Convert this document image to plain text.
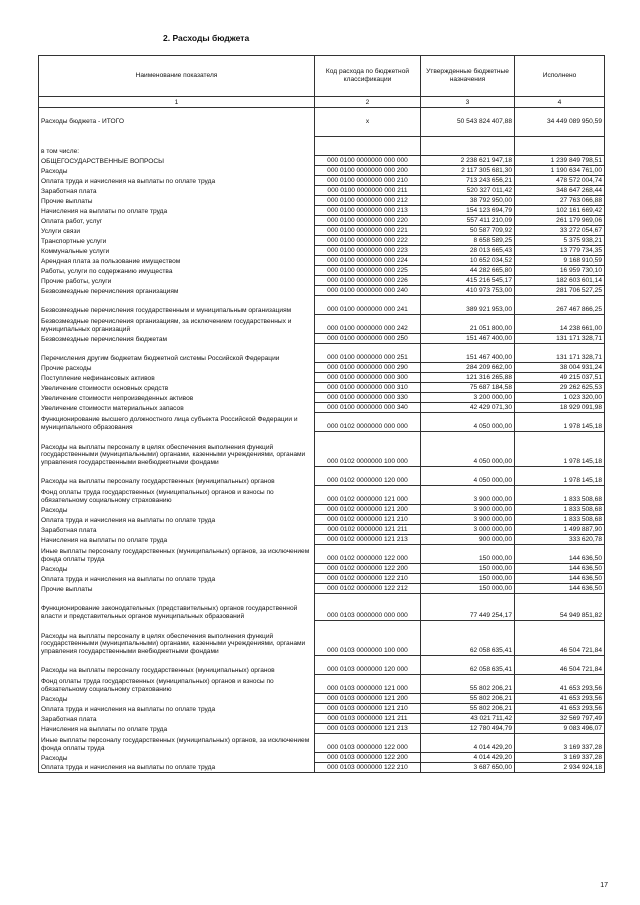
2. Расходы бюджета
Наименование показателя	Код расхода по бюджетной классификации	Утвержденные бюджетные назначения	Исполнено
1	2	3	4
Расходы бюджета - ИТОГО	х	50 543 824 407,88	34 449 089 950,59

в том числе:			
ОБЩЕГОСУДАРСТВЕННЫЕ ВОПРОСЫ	000 0100 0000000 000 000	2 238 621 947,18	1 239 849 798,51
Расходы	000 0100 0000000 000 200	2 117 305 681,30	1 190 634 761,00
Оплата труда и начисления на выплаты по оплате труда	000 0100 0000000 000 210	713 243 656,21	478 572 004,74
Заработная плата	000 0100 0000000 000 211	520 327 011,42	348 647 268,44
Прочие выплаты	000 0100 0000000 000 212	38 792 950,00	27 763 066,88
Начисления на выплаты по оплате труда	000 0100 0000000 000 213	154 123 694,79	102 161 669,42
Оплата работ, услуг	000 0100 0000000 000 220	557 411 210,09	261 179 969,06
Услуги связи	000 0100 0000000 000 221	50 587 709,92	33 272 054,67
Транспортные услуги	000 0100 0000000 000 222	8 658 589,25	5 375 938,21
Коммунальные услуги	000 0100 0000000 000 223	28 013 665,43	13 779 734,35
Арендная плата за пользование имуществом	000 0100 0000000 000 224	10 652 034,52	9 168 910,59
Работы, услуги по содержанию имущества	000 0100 0000000 000 225	44 282 665,80	16 959 730,10
Прочие работы, услуги	000 0100 0000000 000 226	415 216 545,17	182 603 601,14
Безвозмездные перечисления организациям	000 0100 0000000 000 240	410 973 753,00	281 706 527,25
Безвозмездные перечисления государственным и муниципальным организациям	000 0100 0000000 000 241	389 921 953,00	267 467 866,25
Безвозмездные перечисления организациям, за исключением государственных и муниципальных организаций	000 0100 0000000 000 242	21 051 800,00	14 238 661,00
Безвозмездные перечисления бюджетам	000 0100 0000000 000 250	151 467 400,00	131 171 328,71
Перечисления другим бюджетам бюджетной системы Российской Федерации	000 0100 0000000 000 251	151 467 400,00	131 171 328,71
Прочие расходы	000 0100 0000000 000 290	284 209 662,00	38 004 931,24
Поступление нефинансовых активов	000 0100 0000000 000 300	121 316 265,88	49 215 037,51
Увеличение стоимости основных средств	000 0100 0000000 000 310	75 687 184,58	29 262 625,53
Увеличение стоимости непроизведенных активов	000 0100 0000000 000 330	3 200 000,00	1 023 320,00
Увеличение стоимости материальных запасов	000 0100 0000000 000 340	42 429 071,30	18 929 091,98
Функционирование высшего должностного лица субъекта Российской Федерации и муниципального образования	000 0102 0000000 000 000	4 050 000,00	1 978 145,18
Расходы на выплаты персоналу в целях обеспечения выполнения функций государственными (муниципальными) органами, казенными учреждениями, органами управления государственными внебюджетными фондами	000 0102 0000000 100 000	4 050 000,00	1 978 145,18
Расходы на выплаты персоналу государственных (муниципальных) органов	000 0102 0000000 120 000	4 050 000,00	1 978 145,18
Фонд оплаты труда государственных (муниципальных) органов и взносы по обязательному социальному страхованию	000 0102 0000000 121 000	3 900 000,00	1 833 508,68
Расходы	000 0102 0000000 121 200	3 900 000,00	1 833 508,68
Оплата труда и начисления на выплаты по оплате труда	000 0102 0000000 121 210	3 900 000,00	1 833 508,68
Заработная плата	000 0102 0000000 121 211	3 000 000,00	1 499 887,90
Начисления на выплаты по оплате труда	000 0102 0000000 121 213	900 000,00	333 620,78
Иные выплаты персоналу государственных (муниципальных) органов, за исключением фонда оплаты труда	000 0102 0000000 122 000	150 000,00	144 636,50
Расходы	000 0102 0000000 122 200	150 000,00	144 636,50
Оплата труда и начисления на выплаты по оплате труда	000 0102 0000000 122 210	150 000,00	144 636,50
Прочие выплаты	000 0102 0000000 122 212	150 000,00	144 636,50
Функционирование законодательных (представительных) органов государственной власти и представительных органов муниципальных образований	000 0103 0000000 000 000	77 449 254,17	54 949 851,82
Расходы на выплаты персоналу в целях обеспечения выполнения функций государственными (муниципальными) органами, казенными учреждениями, органами управления государственными внебюджетными фондами	000 0103 0000000 100 000	62 058 635,41	46 504 721,84
Расходы на выплаты персоналу государственных (муниципальных) органов	000 0103 0000000 120 000	62 058 635,41	46 504 721,84
Фонд оплаты труда государственных (муниципальных) органов и взносы по обязательному социальному страхованию	000 0103 0000000 121 000	55 802 206,21	41 653 293,56
Расходы	000 0103 0000000 121 200	55 802 206,21	41 653 293,56
Оплата труда и начисления на выплаты по оплате труда	000 0103 0000000 121 210	55 802 206,21	41 653 293,56
Заработная плата	000 0103 0000000 121 211	43 021 711,42	32 569 797,49
Начисления на выплаты по оплате труда	000 0103 0000000 121 213	12 780 494,79	9 083 496,07
Иные выплаты персоналу государственных (муниципальных) органов, за исключением фонда оплаты труда	000 0103 0000000 122 000	4 014 429,20	3 169 337,28
Расходы	000 0103 0000000 122 200	4 014 429,20	3 169 337,28
Оплата труда и начисления на выплаты по оплате труда	000 0103 0000000 122 210	3 687 650,00	2 934 924,18
17
